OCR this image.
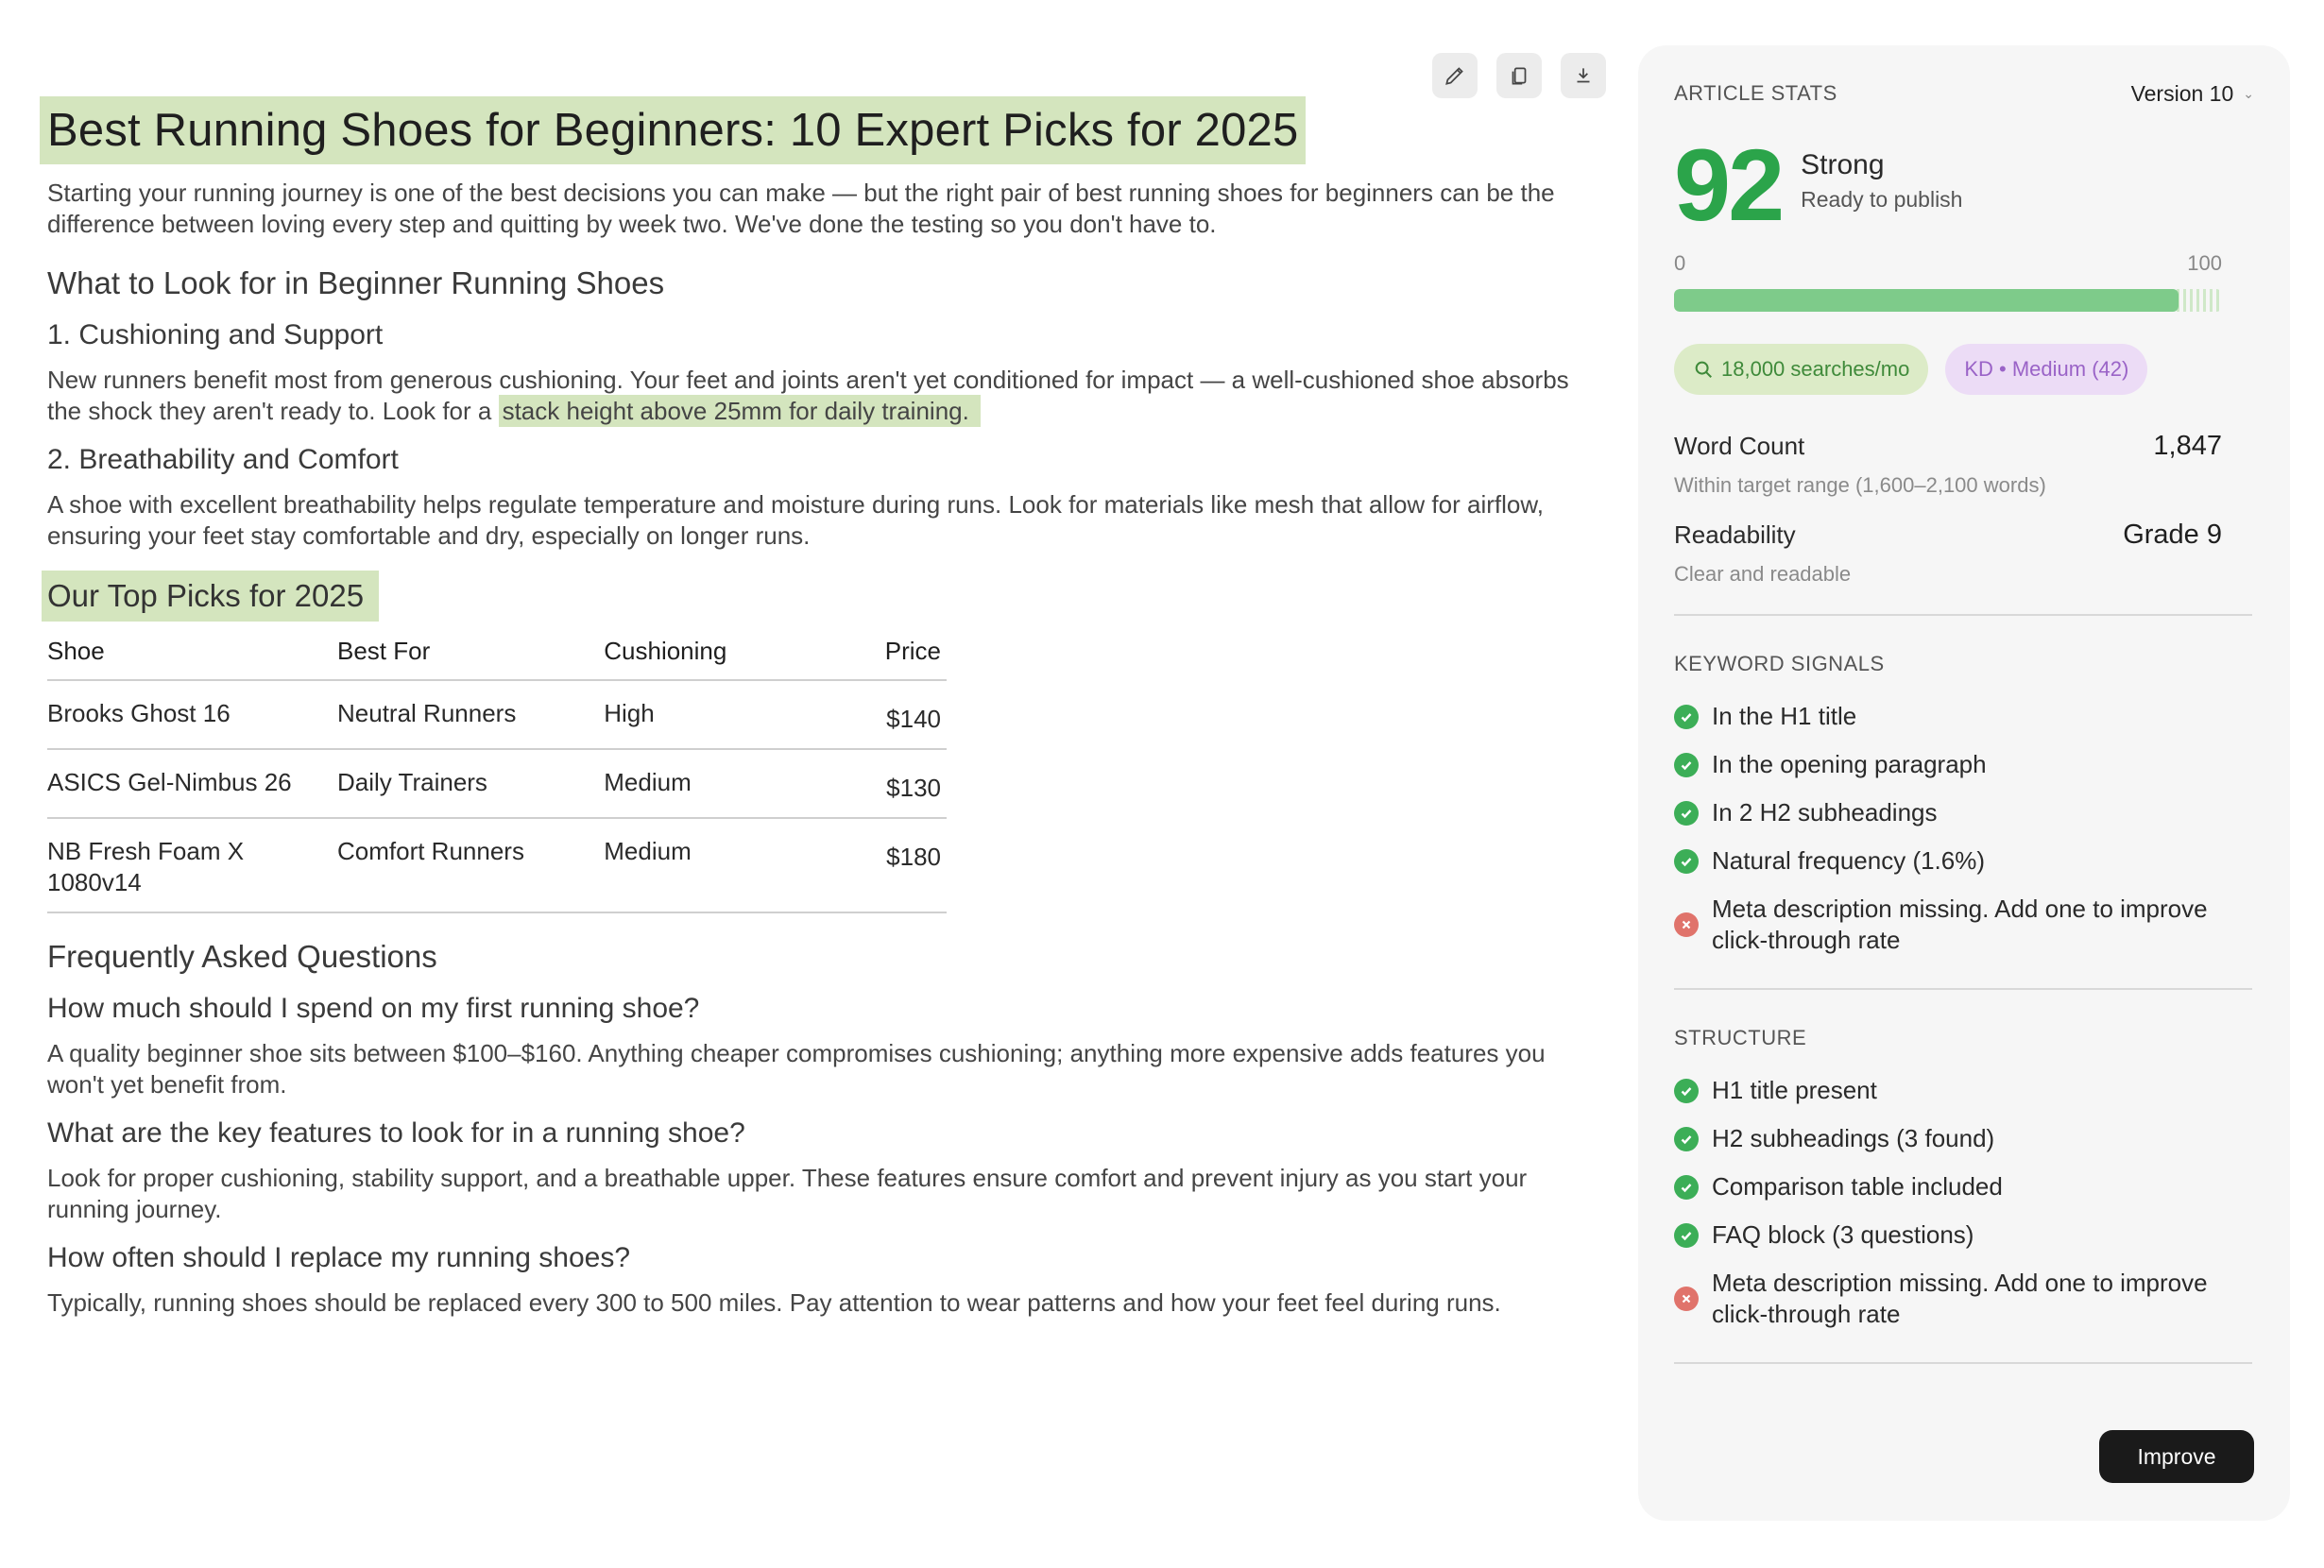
Best Running Shoes for Beginners: 10 Expert Picks for 2025

Starting your running journey is one of the best decisions you can make — but the right pair of best running shoes for beginners can be the difference between loving every step and quitting by week two. We've done the testing so you don't have to.

What to Look for in Beginner Running Shoes
1. Cushioning and Support

New runners benefit most from generous cushioning. Your feet and joints aren't yet conditioned for impact — a well-cushioned shoe absorbs the shock they aren't ready to. Look for a stack height above 25mm for daily training.

2. Breathability and Comfort

A shoe with excellent breathability helps regulate temperature and moisture during runs. Look for materials like mesh that allow for airflow, ensuring your feet stay comfortable and dry, especially on longer runs.

Our Top Picks for 2025
Shoe	Best For	Cushioning	Price
Brooks Ghost 16	Neutral Runners	High	$140
ASICS Gel-Nimbus 26	Daily Trainers	Medium	$130
NB Fresh Foam X 1080v14	Comfort Runners	Medium	$180
Frequently Asked Questions
How much should I spend on my first running shoe?

A quality beginner shoe sits between $100–$160. Anything cheaper compromises cushioning; anything more expensive adds features you won't yet benefit from.

What are the key features to look for in a running shoe?

Look for proper cushioning, stability support, and a breathable upper. These features ensure comfort and prevent injury as you start your running journey.

How often should I replace my running shoes?

Typically, running shoes should be replaced every 300 to 500 miles. Pay attention to wear patterns and how your feet feel during runs.

ARTICLE STATS	Version 10 ⌄
92 Strong
Ready to publish
0	100
18,000 searches/mo	KD • Medium (42)
Word Count	1,847
Within target range (1,600–2,100 words)
Readability	Grade 9
Clear and readable
KEYWORD SIGNALS
In the H1 title
In the opening paragraph
In 2 H2 subheadings
Natural frequency (1.6%)
Meta description missing. Add one to improve click-through rate
STRUCTURE
H1 title present
H2 subheadings (3 found)
Comparison table included
FAQ block (3 questions)
Meta description missing. Add one to improve click-through rate
Improve
